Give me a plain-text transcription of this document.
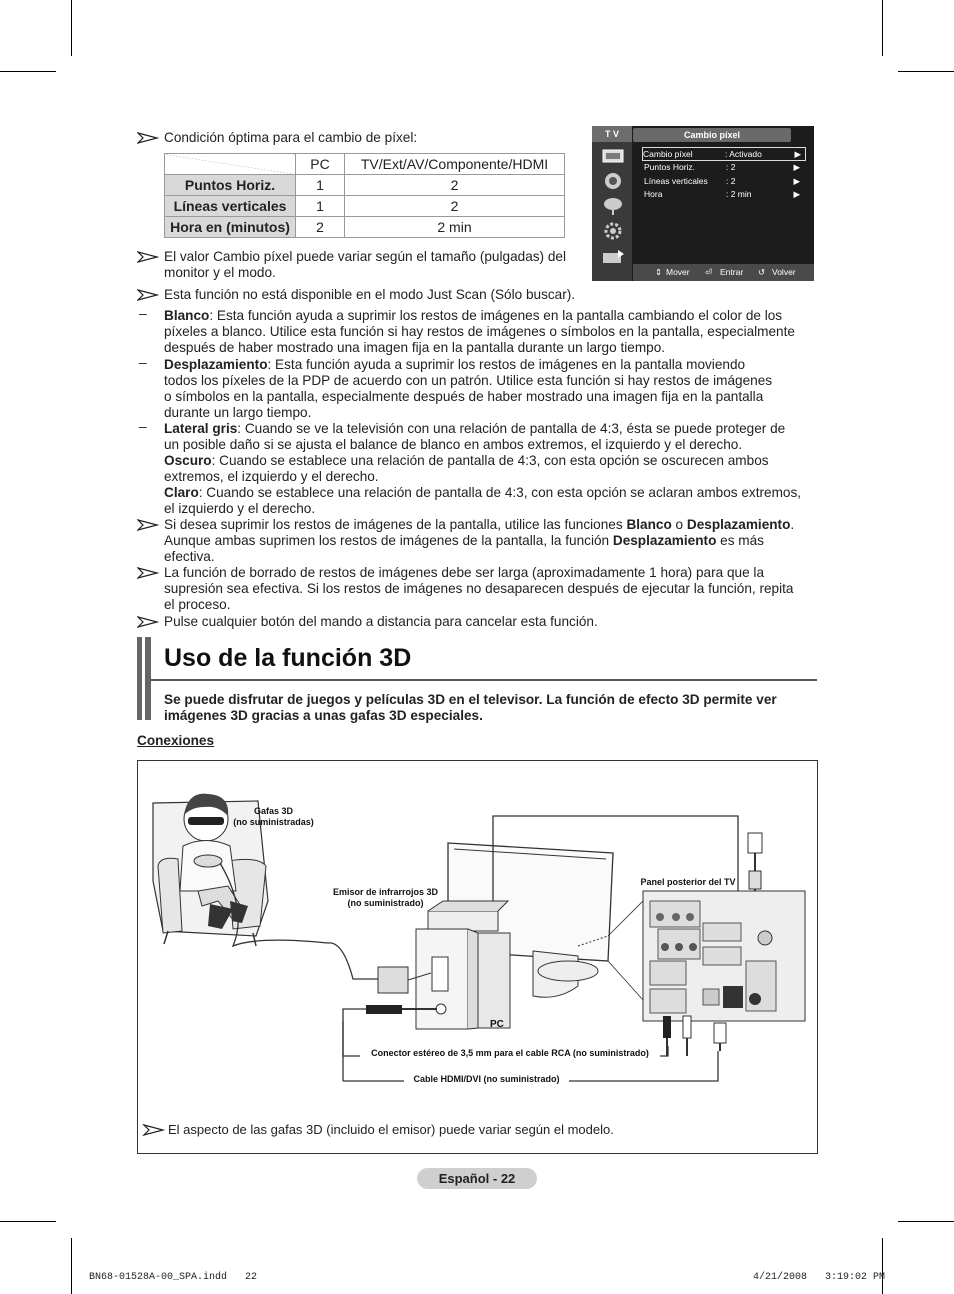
Condición óptima para el cambio de píxel:
	PC	TV/Ext/AV/Componente/HDMI
Puntos Horiz.	1	2
Líneas verticales	1	2
Hora en (minutos)	2	2 min
T V	Cambio píxel
Cambio píxel	: Activado	▶
Puntos Horiz.	: 2	▶
Líneas verticales : 2	▶
Hora	: 2 min	▶
⇕ Mover ⏎ Entrar ↺ Volver
El valor Cambio píxel puede variar según el tamaño (pulgadas) del monitor y el modo.
Esta función no está disponible en el modo Just Scan (Sólo buscar).
– Blanco: Esta función ayuda a suprimir los restos de imágenes en la pantalla cambiando el color de los
píxeles a blanco. Utilice esta función si hay restos de imágenes o símbolos en la pantalla, especialmente
después de haber mostrado una imagen fija en la pantalla durante un largo tiempo.
– Desplazamiento: Esta función ayuda a suprimir los restos de imágenes en la pantalla moviendo
todos los píxeles de la PDP de acuerdo con un patrón. Utilice esta función si hay restos de imágenes
o símbolos en la pantalla, especialmente después de haber mostrado una imagen fija en la pantalla
durante un largo tiempo.
– Lateral gris: Cuando se ve la televisión con una relación de pantalla de 4:3, ésta se puede proteger de
un posible daño si se ajusta el balance de blanco en ambos extremos, el izquierdo y el derecho.
Oscuro: Cuando se establece una relación de pantalla de 4:3, con esta opción se oscurecen ambos
extremos, el izquierdo y el derecho.
Claro: Cuando se establece una relación de pantalla de 4:3, con esta opción se aclaran ambos extremos,
el izquierdo y el derecho.
Si desea suprimir los restos de imágenes de la pantalla, utilice las funciones Blanco o Desplazamiento.
Aunque ambas suprimen los restos de imágenes de la pantalla, la función Desplazamiento es más
efectiva.
La función de borrado de restos de imágenes debe ser larga (aproximadamente 1 hora) para que la
supresión sea efectiva. Si los restos de imágenes no desaparecen después de ejecutar la función, repita
el proceso.
Pulse cualquier botón del mando a distancia para cancelar esta función.
Uso de la función 3D
Se puede disfrutar de juegos y películas 3D en el televisor. La función de efecto 3D permite ver
imágenes 3D gracias a unas gafas 3D especiales.
Conexiones
Gafas 3D
(no suministradas)
Emisor de infrarrojos 3D
(no suministrado)
Panel posterior del TV
PC
Conector estéreo de 3,5 mm para el cable RCA (no suministrado)
Cable HDMI/DVI (no suministrado)
El aspecto de las gafas 3D (incluido el emisor) puede variar según el modelo.
Español - 22
BN68-01528A-00_SPA.indd   22	4/21/2008   3:19:02 PM
